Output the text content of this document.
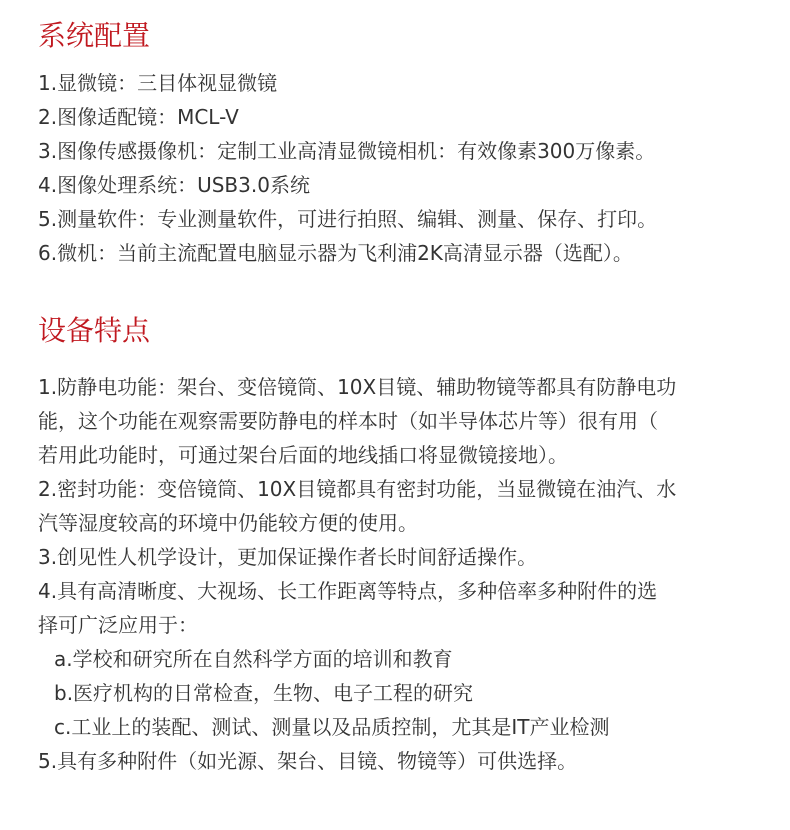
系统配置
1.显微镜：三目体视显微镜
2.图像适配镜：MCL-V
3.图像传感摄像机：定制工业高清显微镜相机：有效像素300万像素。
4.图像处理系统：USB3.0系统
5.测量软件：专业测量软件，可进行拍照、编辑、测量、保存、打印。
6.微机：当前主流配置电脑显示器为飞利浦2K高清显示器（选配）。
设备特点
1.防静电功能：架台、变倍镜筒、10X目镜、辅助物镜等都具有防静电功
能，这个功能在观察需要防静电的样本时（如半导体芯片等）很有用（
若用此功能时，可通过架台后面的地线插口将显微镜接地）。
2.密封功能：变倍镜筒、10X目镜都具有密封功能，当显微镜在油汽、水
汽等湿度较高的环境中仍能较方便的使用。
3.创见性人机学设计，更加保证操作者长时间舒适操作。
4.具有高清晰度、大视场、长工作距离等特点，多种倍率多种附件的选
择可广泛应用于：
a.学校和研究所在自然科学方面的培训和教育
b.医疗机构的日常检查，生物、电子工程的研究
c.工业上的装配、测试、测量以及品质控制，尤其是IT产业检测
5.具有多种附件（如光源、架台、目镜、物镜等）可供选择。
